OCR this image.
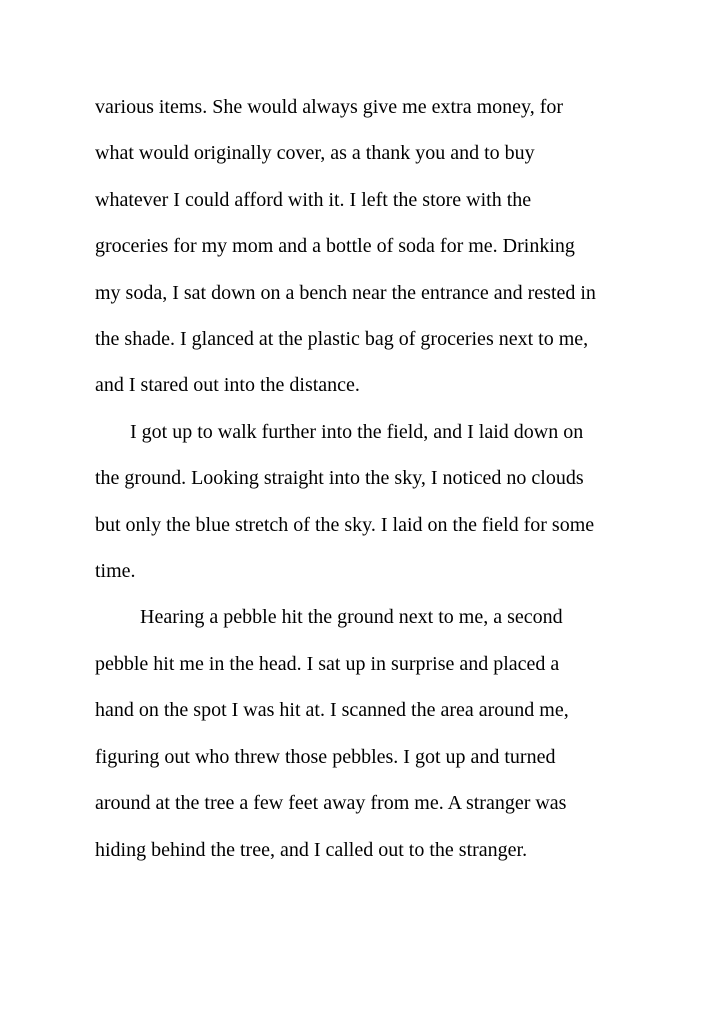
various items. She would always give me extra money, for
what would originally cover, as a thank you and to buy
whatever I could afford with it. I left the store with the
groceries for my mom and a bottle of soda for me. Drinking
my soda, I sat down on a bench near the entrance and rested in
the shade. I glanced at the plastic bag of groceries next to me,
and I stared out into the distance.
I got up to walk further into the field, and I laid down on
the ground. Looking straight into the sky, I noticed no clouds
but only the blue stretch of the sky. I laid on the field for some
time.
Hearing a pebble hit the ground next to me, a second
pebble hit me in the head. I sat up in surprise and placed a
hand on the spot I was hit at. I scanned the area around me,
figuring out who threw those pebbles. I got up and turned
around at the tree a few feet away from me. A stranger was
hiding behind the tree, and I called out to the stranger.
